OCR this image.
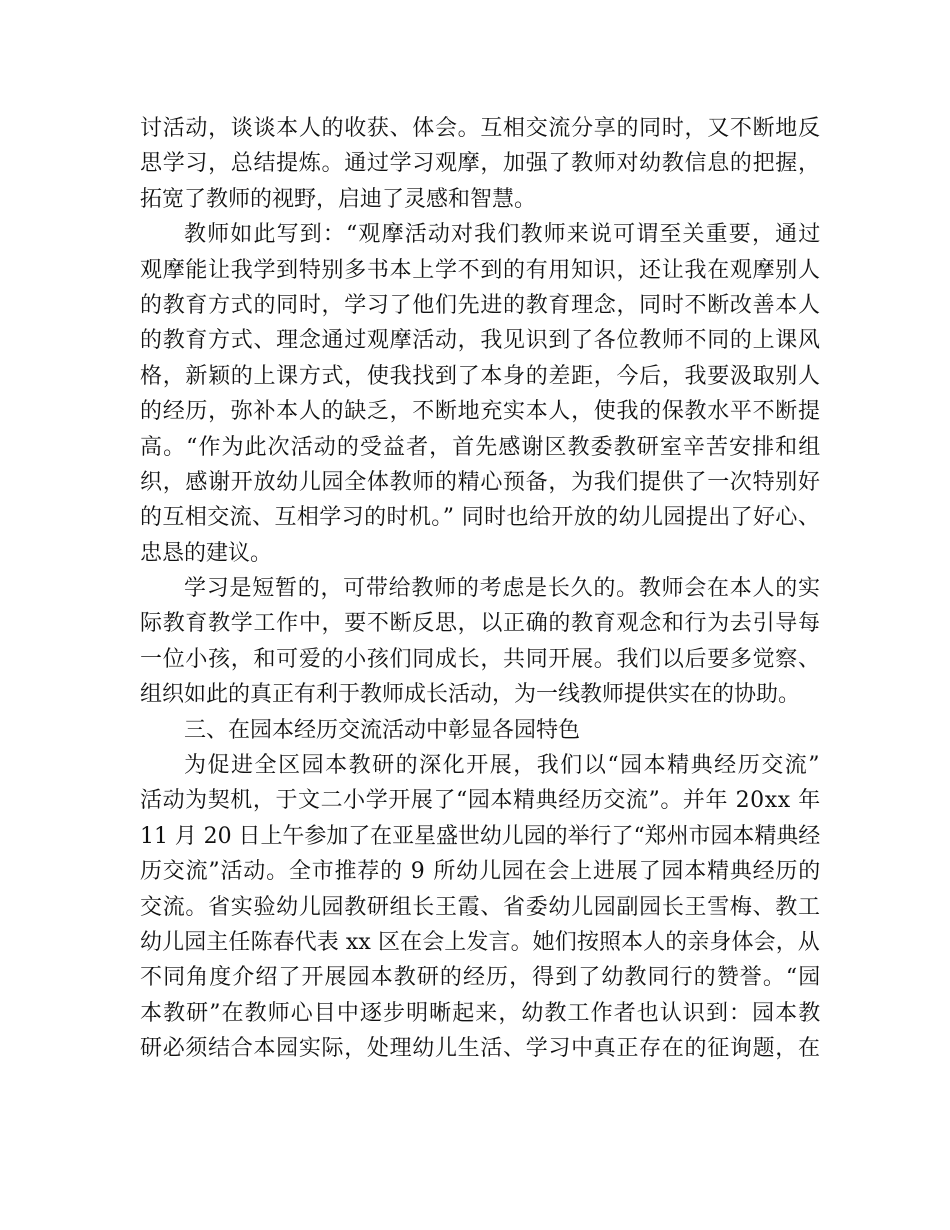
讨活动，谈谈本人的收获、体会。互相交流分享的同时，又不断地反
思学习，总结提炼。通过学习观摩，加强了教师对幼教信息的把握，
拓宽了教师的视野，启迪了灵感和智慧。
教师如此写到：“观摩活动对我们教师来说可谓至关重要，通过
观摩能让我学到特别多书本上学不到的有用知识，还让我在观摩别人
的教育方式的同时，学习了他们先进的教育理念，同时不断改善本人
的教育方式、理念通过观摩活动，我见识到了各位教师不同的上课风
格，新颖的上课方式，使我找到了本身的差距，今后，我要汲取别人
的经历，弥补本人的缺乏，不断地充实本人，使我的保教水平不断提
高。“作为此次活动的受益者，首先感谢区教委教研室辛苦安排和组
织，感谢开放幼儿园全体教师的精心预备，为我们提供了一次特别好
的互相交流、互相学习的时机。” 同时也给开放的幼儿园提出了好心、
忠恳的建议。
学习是短暂的，可带给教师的考虑是长久的。教师会在本人的实
际教育教学工作中，要不断反思，以正确的教育观念和行为去引导每
一位小孩，和可爱的小孩们同成长，共同开展。我们以后要多觉察、
组织如此的真正有利于教师成长活动，为一线教师提供实在的协助。
三、在园本经历交流活动中彰显各园特色
为促进全区园本教研的深化开展，我们以“园本精典经历交流”
活动为契机，于文二小学开展了“园本精典经历交流”。并年 20xx 年
11 月 20 日上午参加了在亚星盛世幼儿园的举行了“郑州市园本精典经
历交流”活动。全市推荐的 9 所幼儿园在会上进展了园本精典经历的
交流。省实验幼儿园教研组长王霞、省委幼儿园副园长王雪梅、教工
幼儿园主任陈春代表 xx 区在会上发言。她们按照本人的亲身体会，从
不同角度介绍了开展园本教研的经历，得到了幼教同行的赞誉。“园
本教研”在教师心目中逐步明晰起来，幼教工作者也认识到：园本教
研必须结合本园实际，处理幼儿生活、学习中真正存在的征询题，在
